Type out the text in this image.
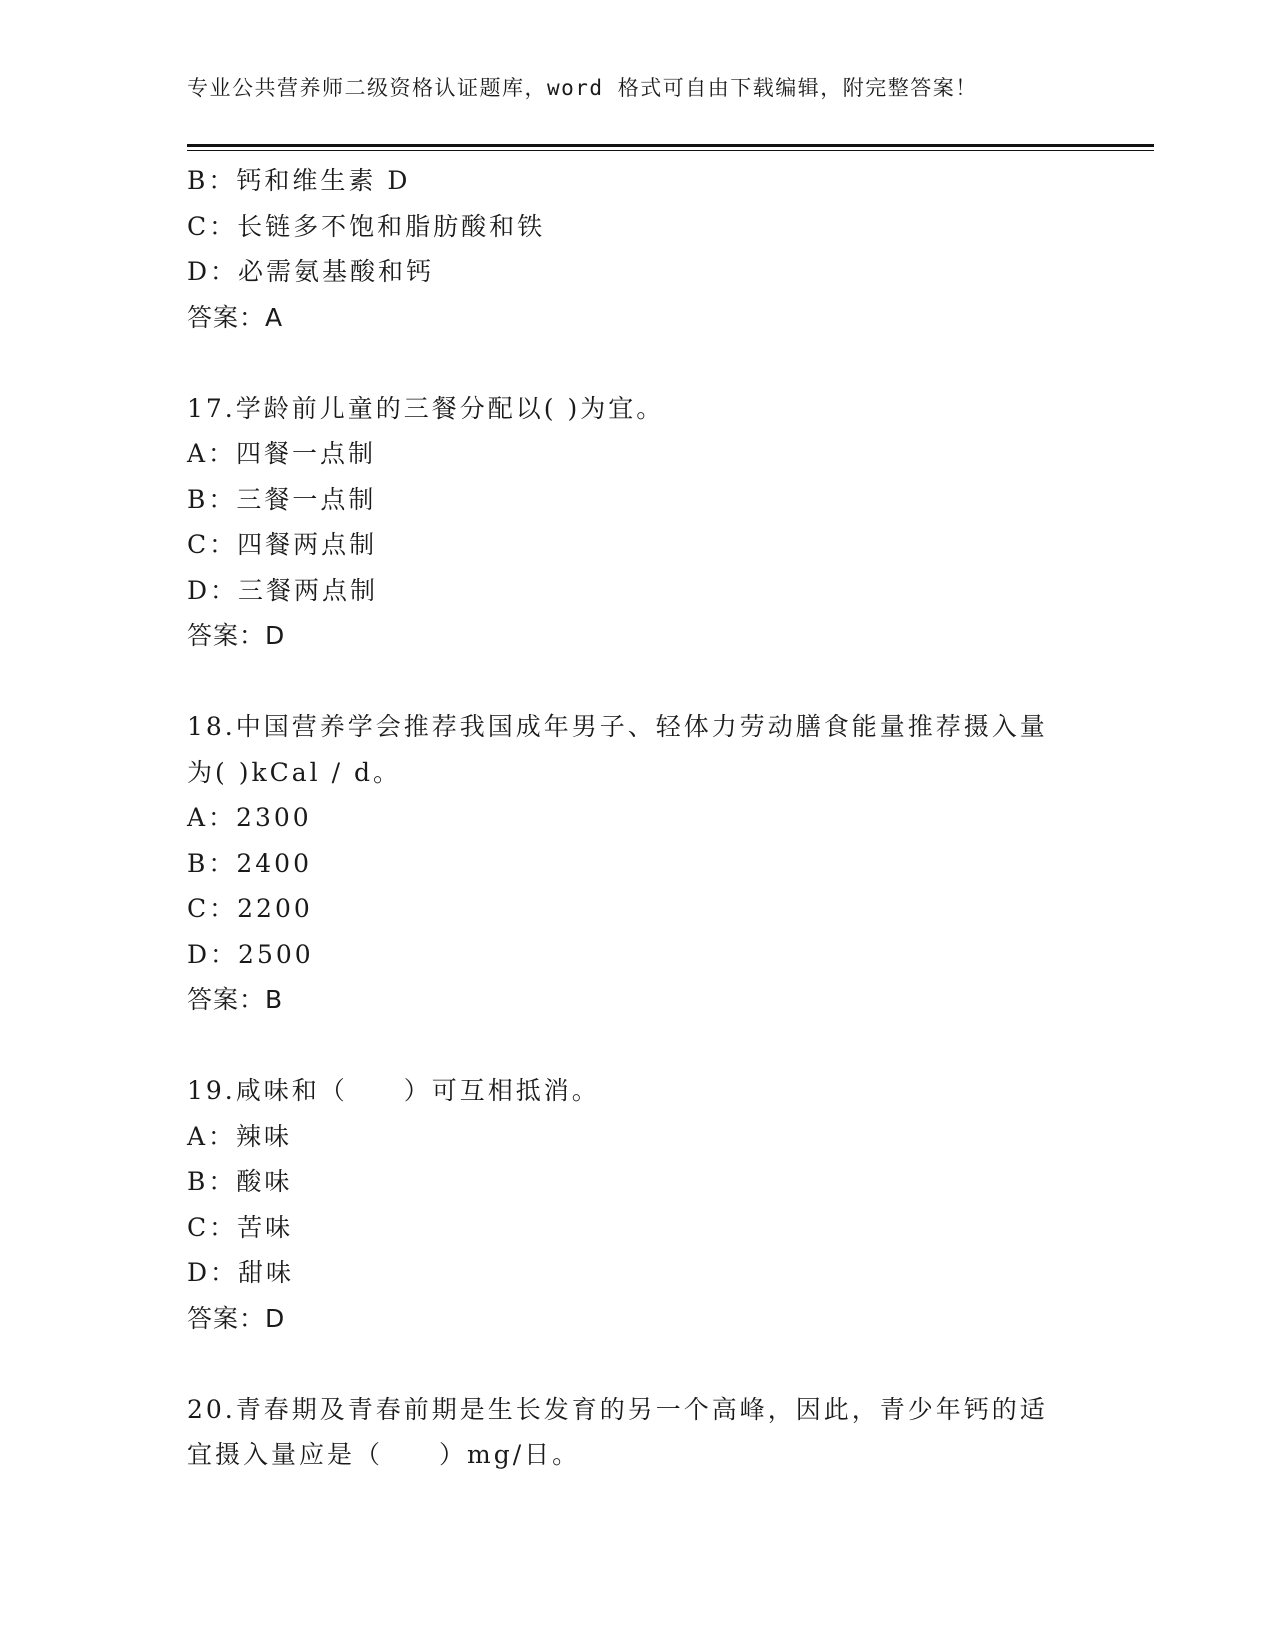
专业公共营养师二级资格认证题库，word 格式可自由下载编辑，附完整答案！
B：钙和维生素 D
C：长链多不饱和脂肪酸和铁
D：必需氨基酸和钙
答案：A
17.学龄前儿童的三餐分配以( )为宜。
A：四餐一点制
B：三餐一点制
C：四餐两点制
D：三餐两点制
答案：D
18.中国营养学会推荐我国成年男子、轻体力劳动膳食能量推荐摄入量
为( )kCal / d。
A：2300
B：2400
C：2200
D：2500
答案：B
19.咸味和（　　）可互相抵消。
A：辣味
B：酸味
C：苦味
D：甜味
答案：D
20.青春期及青春前期是生长发育的另一个高峰，因此，青少年钙的适
宜摄入量应是（　　）mg/日。
